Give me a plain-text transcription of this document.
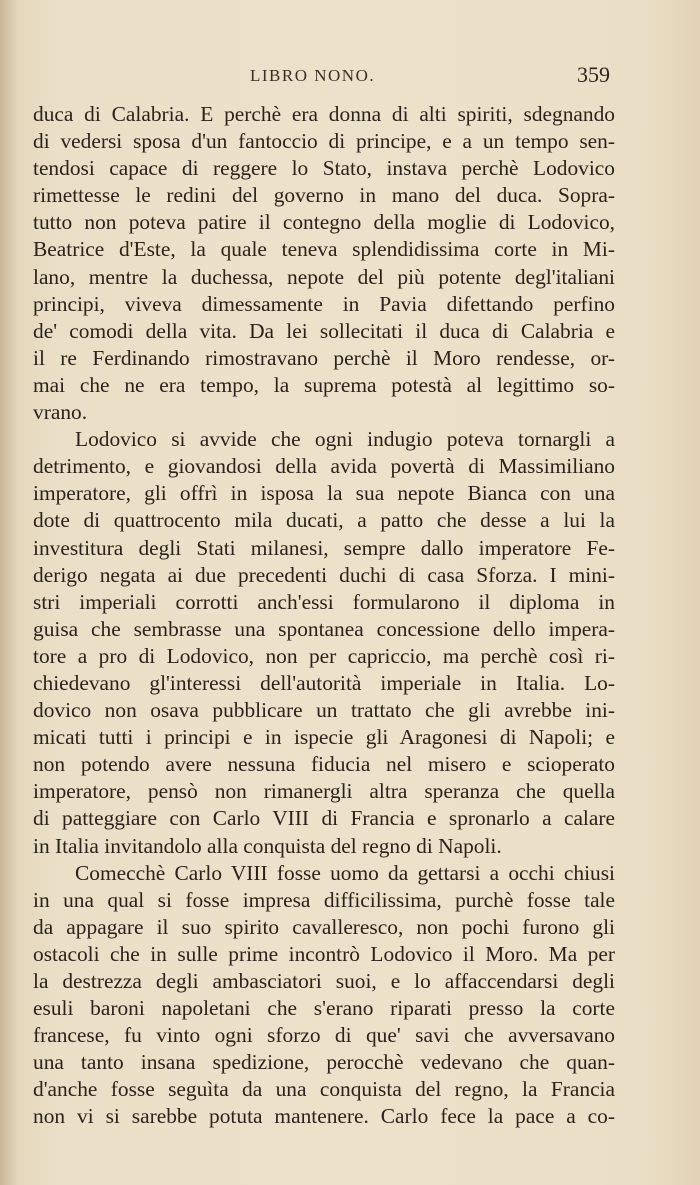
LIBRO NONO.	359
duca di Calabria. E perchè era donna di alti spiriti, sdegnando
di vedersi sposa d'un fantoccio di principe, e a un tempo sen-
tendosi capace di reggere lo Stato, instava perchè Lodovico
rimettesse le redini del governo in mano del duca. Sopra-
tutto non poteva patire il contegno della moglie di Lodovico,
Beatrice d'Este, la quale teneva splendidissima corte in Mi-
lano, mentre la duchessa, nepote del più potente degl'italiani
principi, viveva dimessamente in Pavia difettando perfino
de' comodi della vita. Da lei sollecitati il duca di Calabria e
il re Ferdinando rimostravano perchè il Moro rendesse, or-
mai che ne era tempo, la suprema potestà al legittimo so-
vrano.
Lodovico si avvide che ogni indugio poteva tornargli a
detrimento, e giovandosi della avida povertà di Massimiliano
imperatore, gli offrì in isposa la sua nepote Bianca con una
dote di quattrocento mila ducati, a patto che desse a lui la
investitura degli Stati milanesi, sempre dallo imperatore Fe-
derigo negata ai due precedenti duchi di casa Sforza. I mini-
stri imperiali corrotti anch'essi formularono il diploma in
guisa che sembrasse una spontanea concessione dello impera-
tore a pro di Lodovico, non per capriccio, ma perchè così ri-
chiedevano gl'interessi dell'autorità imperiale in Italia. Lo-
dovico non osava pubblicare un trattato che gli avrebbe ini-
micati tutti i principi e in ispecie gli Aragonesi di Napoli; e
non potendo avere nessuna fiducia nel misero e scioperato
imperatore, pensò non rimanergli altra speranza che quella
di patteggiare con Carlo VIII di Francia e spronarlo a calare
in Italia invitandolo alla conquista del regno di Napoli.
Comecchè Carlo VIII fosse uomo da gettarsi a occhi chiusi
in una qual si fosse impresa difficilissima, purchè fosse tale
da appagare il suo spirito cavalleresco, non pochi furono gli
ostacoli che in sulle prime incontrò Lodovico il Moro. Ma per
la destrezza degli ambasciatori suoi, e lo affaccendarsi degli
esuli baroni napoletani che s'erano riparati presso la corte
francese, fu vinto ogni sforzo di que' savi che avversavano
una tanto insana spedizione, perocchè vedevano che quan-
d'anche fosse seguìta da una conquista del regno, la Francia
non vi si sarebbe potuta mantenere. Carlo fece la pace a co-
